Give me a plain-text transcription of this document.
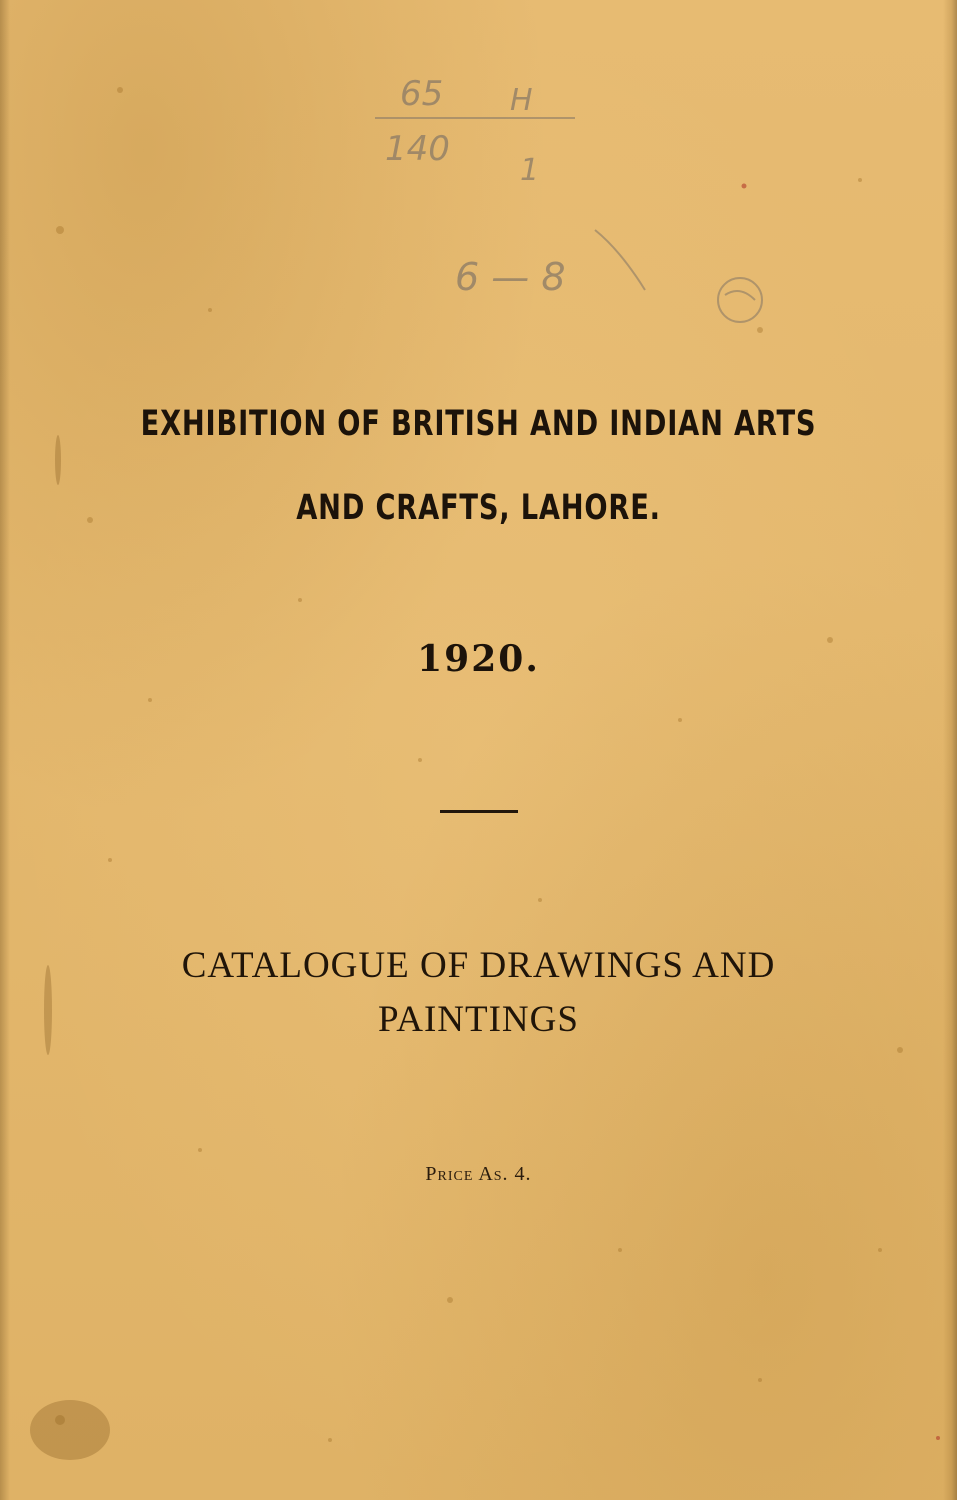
65 H
140
1
6 — 8
EXHIBITION OF BRITISH AND INDIAN ARTS
AND CRAFTS, LAHORE.
1920.
CATALOGUE OF DRAWINGS AND
PAINTINGS
Price As. 4.
